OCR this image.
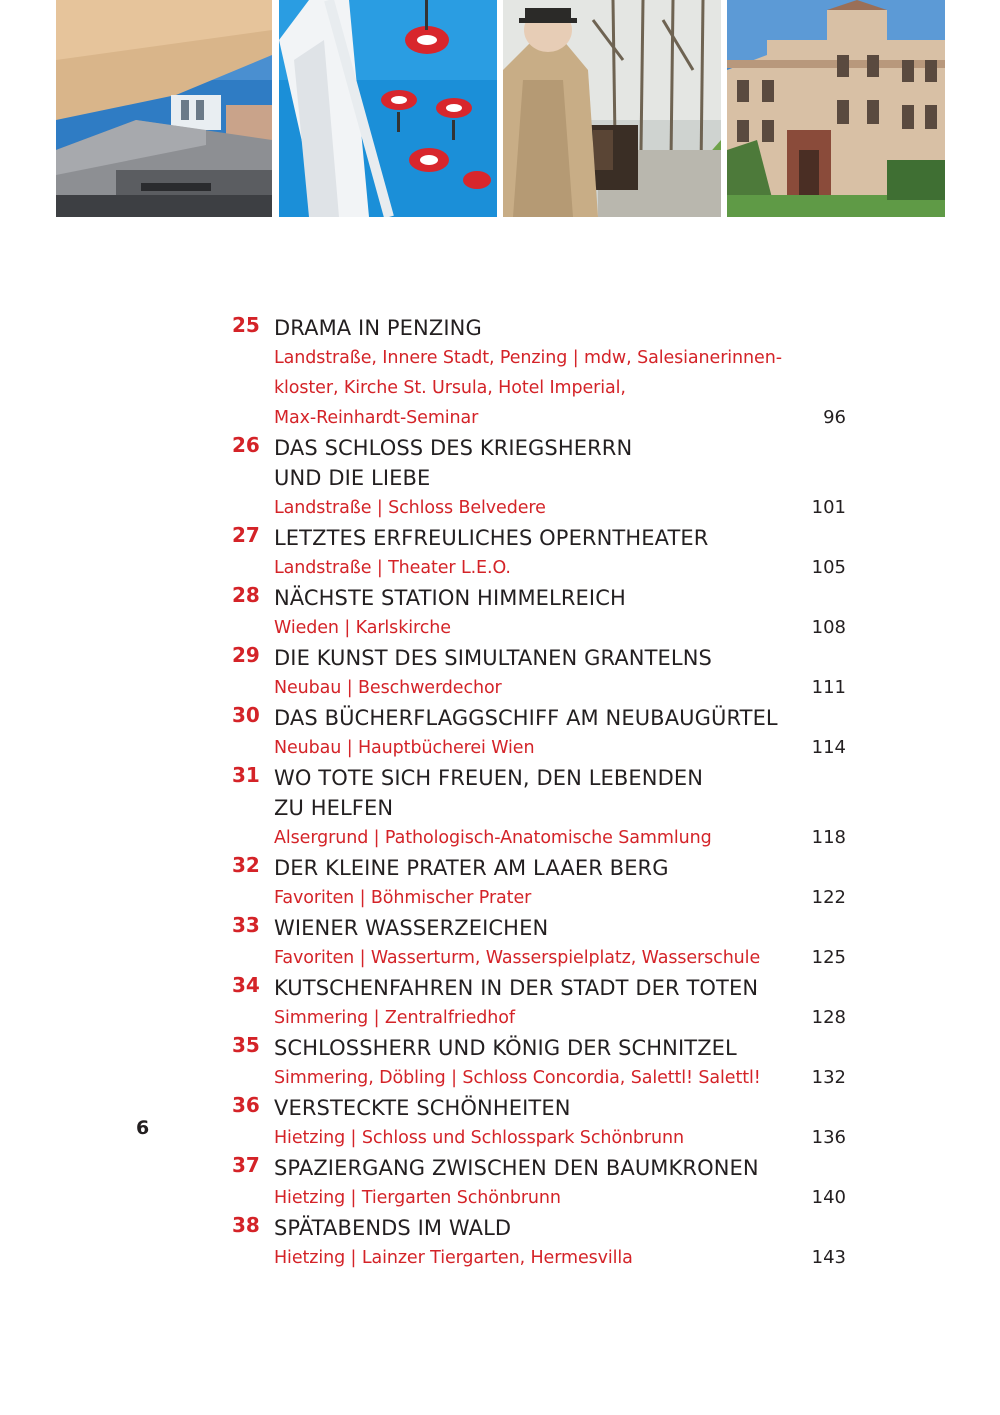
25 DRAMA IN PENZING
Landstraße, Innere Stadt, Penzing | mdw, Salesianerinnen-
kloster, Kirche St. Ursula, Hotel Imperial,
Max-Reinhardt-Seminar	96
26 DAS SCHLOSS DES KRIEGSHERRN
UND DIE LIEBE
Landstraße | Schloss Belvedere	101
27 LETZTES ERFREULICHES OPERNTHEATER
Landstraße | Theater L.E.O.	105
28 NÄCHSTE STATION HIMMELREICH
Wieden | Karlskirche	108
29 DIE KUNST DES SIMULTANEN GRANTELNS
Neubau | Beschwerdechor	111
30 DAS BÜCHERFLAGGSCHIFF AM NEUBAUGÜRTEL
Neubau | Hauptbücherei Wien	114
31 WO TOTE SICH FREUEN, DEN LEBENDEN
ZU HELFEN
Alsergrund | Pathologisch-Anatomische Sammlung	118
32 DER KLEINE PRATER AM LAAER BERG
Favoriten | Böhmischer Prater	122
33 WIENER WASSERZEICHEN
Favoriten | Wasserturm, Wasserspielplatz, Wasserschule	125
34 KUTSCHENFAHREN IN DER STADT DER TOTEN
Simmering | Zentralfriedhof	128
35 SCHLOSSHERR UND KÖNIG DER SCHNITZEL
Simmering, Döbling | Schloss Concordia, Salettl! Salettl!	132
36 VERSTECKTE SCHÖNHEITEN
Hietzing | Schloss und Schlosspark Schönbrunn	136
37 SPAZIERGANG ZWISCHEN DEN BAUMKRONEN
Hietzing | Tiergarten Schönbrunn	140
38 SPÄTABENDS IM WALD
Hietzing | Lainzer Tiergarten, Hermesvilla	143
6
